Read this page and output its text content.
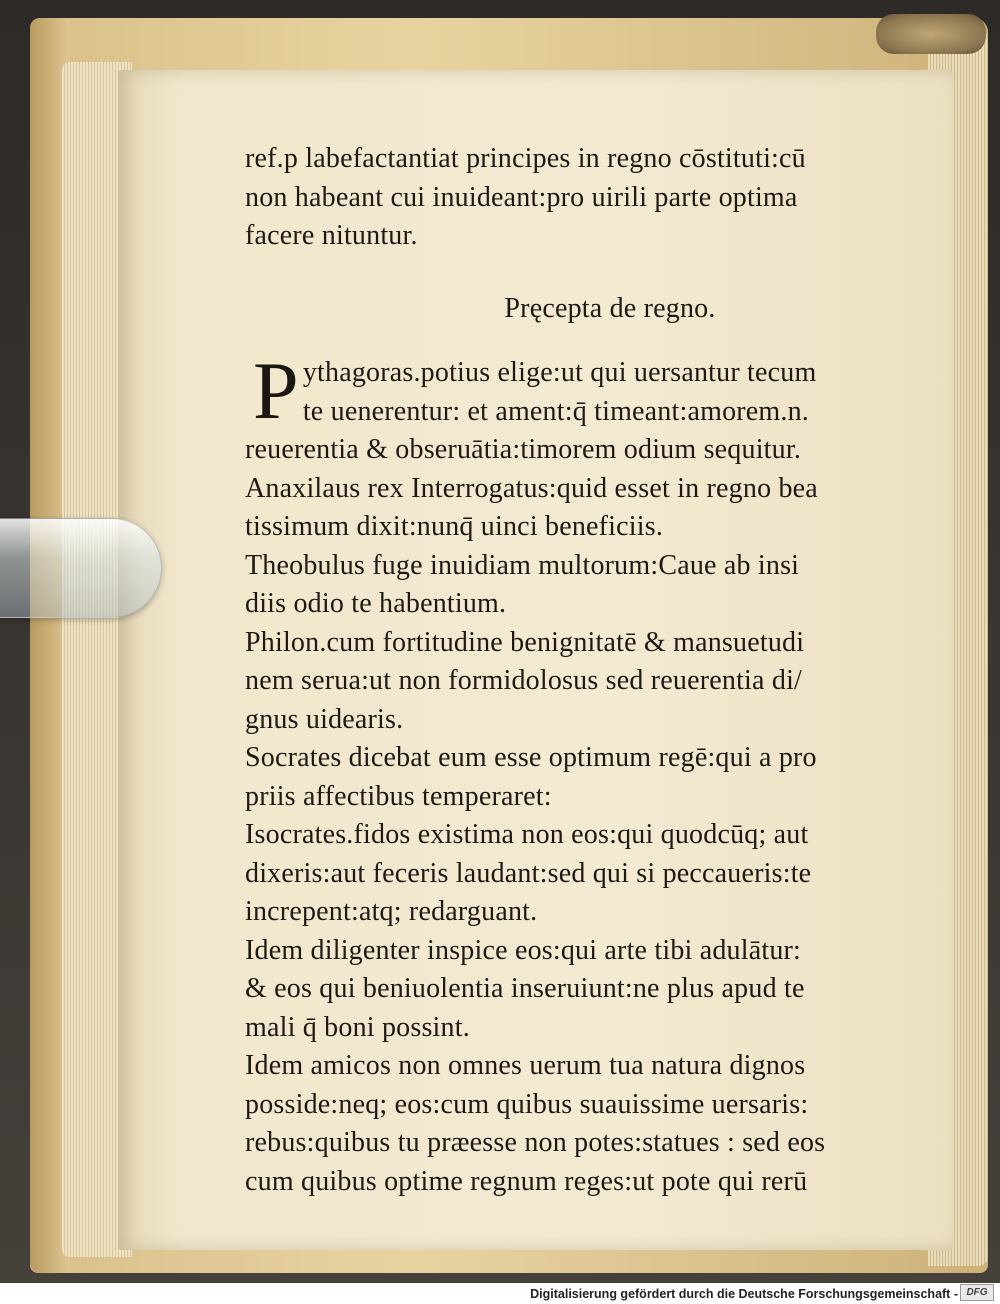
ref.p labefactantiat principes in regno cōstituti:cū

non habeant cui inuideant:pro uirili parte optima

facere nituntur.

Pręcepta de regno.

P ythagoras.potius elige:ut qui uersantur tecum

te uenerentur: et ament:q̄ timeant:amorem.n.

reuerentia & obseruātia:timorem odium sequitur.

Anaxilaus rex Interrogatus:quid esset in regno bea

tissimum dixit:nunq̄ uinci beneficiis.

Theobulus fuge inuidiam multorum:Caue ab insi

diis odio te habentium.

Philon.cum fortitudine benignitatē & mansuetudi

nem serua:ut non formidolosus sed reuerentia di/

gnus uidearis.

Socrates dicebat eum esse optimum regē:qui a pro

priis affectibus temperaret:

Isocrates.fidos existima non eos:qui quodcūq; aut

dixeris:aut feceris laudant:sed qui si peccaueris:te

increpent:atq; redarguant.

Idem diligenter inspice eos:qui arte tibi adulātur:

& eos qui beniuolentia inseruiunt:ne plus apud te

mali q̄ boni possint.

Idem amicos non omnes uerum tua natura dignos

posside:neq; eos:cum quibus suauissime uersaris:

rebus:quibus tu præesse non potes:statues : sed eos

cum quibus optime regnum reges:ut pote qui rerū

Digitalisierung gefördert durch die Deutsche Forschungsgemeinschaft - DFG
